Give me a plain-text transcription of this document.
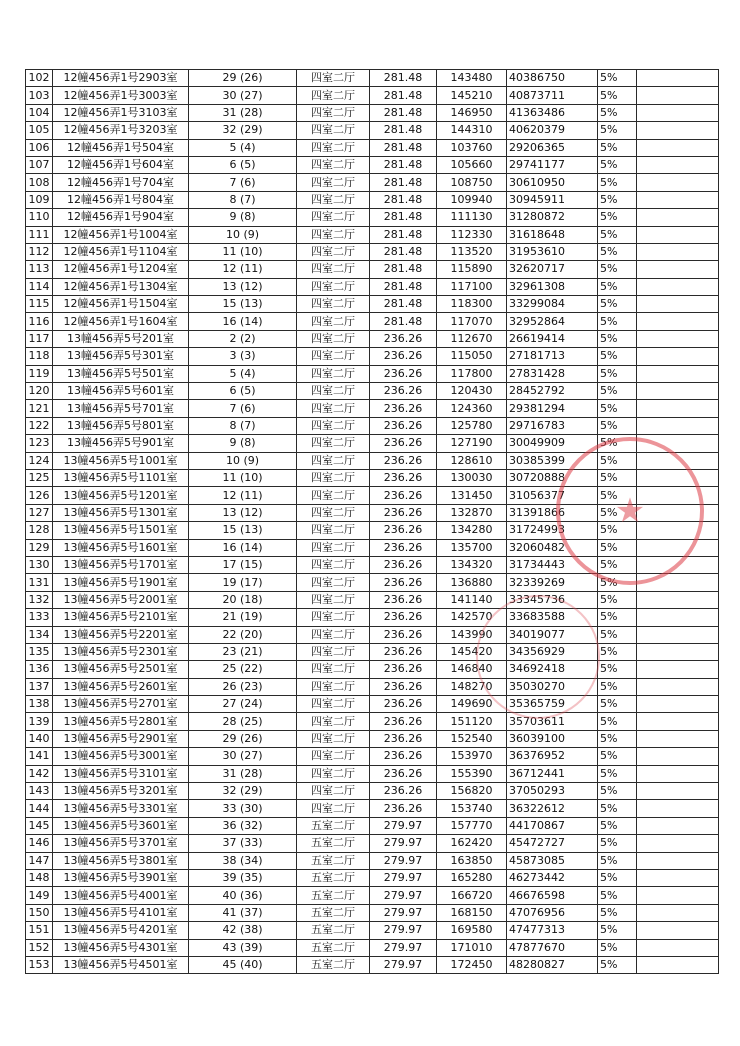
102	12幢456弄1号2903室	29 (26)	四室二厅	281.48	143480	40386750	5%	
103	12幢456弄1号3003室	30 (27)	四室二厅	281.48	145210	40873711	5%	
104	12幢456弄1号3103室	31 (28)	四室二厅	281.48	146950	41363486	5%	
105	12幢456弄1号3203室	32 (29)	四室二厅	281.48	144310	40620379	5%	
106	12幢456弄1号504室	5 (4)	四室二厅	281.48	103760	29206365	5%	
107	12幢456弄1号604室	6 (5)	四室二厅	281.48	105660	29741177	5%	
108	12幢456弄1号704室	7 (6)	四室二厅	281.48	108750	30610950	5%	
109	12幢456弄1号804室	8 (7)	四室二厅	281.48	109940	30945911	5%	
110	12幢456弄1号904室	9 (8)	四室二厅	281.48	111130	31280872	5%	
111	12幢456弄1号1004室	10 (9)	四室二厅	281.48	112330	31618648	5%	
112	12幢456弄1号1104室	11 (10)	四室二厅	281.48	113520	31953610	5%	
113	12幢456弄1号1204室	12 (11)	四室二厅	281.48	115890	32620717	5%	
114	12幢456弄1号1304室	13 (12)	四室二厅	281.48	117100	32961308	5%	
115	12幢456弄1号1504室	15 (13)	四室二厅	281.48	118300	33299084	5%	
116	12幢456弄1号1604室	16 (14)	四室二厅	281.48	117070	32952864	5%	
117	13幢456弄5号201室	2 (2)	四室二厅	236.26	112670	26619414	5%	
118	13幢456弄5号301室	3 (3)	四室二厅	236.26	115050	27181713	5%	
119	13幢456弄5号501室	5 (4)	四室二厅	236.26	117800	27831428	5%	
120	13幢456弄5号601室	6 (5)	四室二厅	236.26	120430	28452792	5%	
121	13幢456弄5号701室	7 (6)	四室二厅	236.26	124360	29381294	5%	
122	13幢456弄5号801室	8 (7)	四室二厅	236.26	125780	29716783	5%	
123	13幢456弄5号901室	9 (8)	四室二厅	236.26	127190	30049909	5%	
124	13幢456弄5号1001室	10 (9)	四室二厅	236.26	128610	30385399	5%	
125	13幢456弄5号1101室	11 (10)	四室二厅	236.26	130030	30720888	5%	
126	13幢456弄5号1201室	12 (11)	四室二厅	236.26	131450	31056377	5%	
127	13幢456弄5号1301室	13 (12)	四室二厅	236.26	132870	31391866	5%	
128	13幢456弄5号1501室	15 (13)	四室二厅	236.26	134280	31724993	5%	
129	13幢456弄5号1601室	16 (14)	四室二厅	236.26	135700	32060482	5%	
130	13幢456弄5号1701室	17 (15)	四室二厅	236.26	134320	31734443	5%	
131	13幢456弄5号1901室	19 (17)	四室二厅	236.26	136880	32339269	5%	
132	13幢456弄5号2001室	20 (18)	四室二厅	236.26	141140	33345736	5%	
133	13幢456弄5号2101室	21 (19)	四室二厅	236.26	142570	33683588	5%	
134	13幢456弄5号2201室	22 (20)	四室二厅	236.26	143990	34019077	5%	
135	13幢456弄5号2301室	23 (21)	四室二厅	236.26	145420	34356929	5%	
136	13幢456弄5号2501室	25 (22)	四室二厅	236.26	146840	34692418	5%	
137	13幢456弄5号2601室	26 (23)	四室二厅	236.26	148270	35030270	5%	
138	13幢456弄5号2701室	27 (24)	四室二厅	236.26	149690	35365759	5%	
139	13幢456弄5号2801室	28 (25)	四室二厅	236.26	151120	35703611	5%	
140	13幢456弄5号2901室	29 (26)	四室二厅	236.26	152540	36039100	5%	
141	13幢456弄5号3001室	30 (27)	四室二厅	236.26	153970	36376952	5%	
142	13幢456弄5号3101室	31 (28)	四室二厅	236.26	155390	36712441	5%	
143	13幢456弄5号3201室	32 (29)	四室二厅	236.26	156820	37050293	5%	
144	13幢456弄5号3301室	33 (30)	四室二厅	236.26	153740	36322612	5%	
145	13幢456弄5号3601室	36 (32)	五室二厅	279.97	157770	44170867	5%	
146	13幢456弄5号3701室	37 (33)	五室二厅	279.97	162420	45472727	5%	
147	13幢456弄5号3801室	38 (34)	五室二厅	279.97	163850	45873085	5%	
148	13幢456弄5号3901室	39 (35)	五室二厅	279.97	165280	46273442	5%	
149	13幢456弄5号4001室	40 (36)	五室二厅	279.97	166720	46676598	5%	
150	13幢456弄5号4101室	41 (37)	五室二厅	279.97	168150	47076956	5%	
151	13幢456弄5号4201室	42 (38)	五室二厅	279.97	169580	47477313	5%	
152	13幢456弄5号4301室	43 (39)	五室二厅	279.97	171010	47877670	5%	
153	13幢456弄5号4501室	45 (40)	五室二厅	279.97	172450	48280827	5%	
★
